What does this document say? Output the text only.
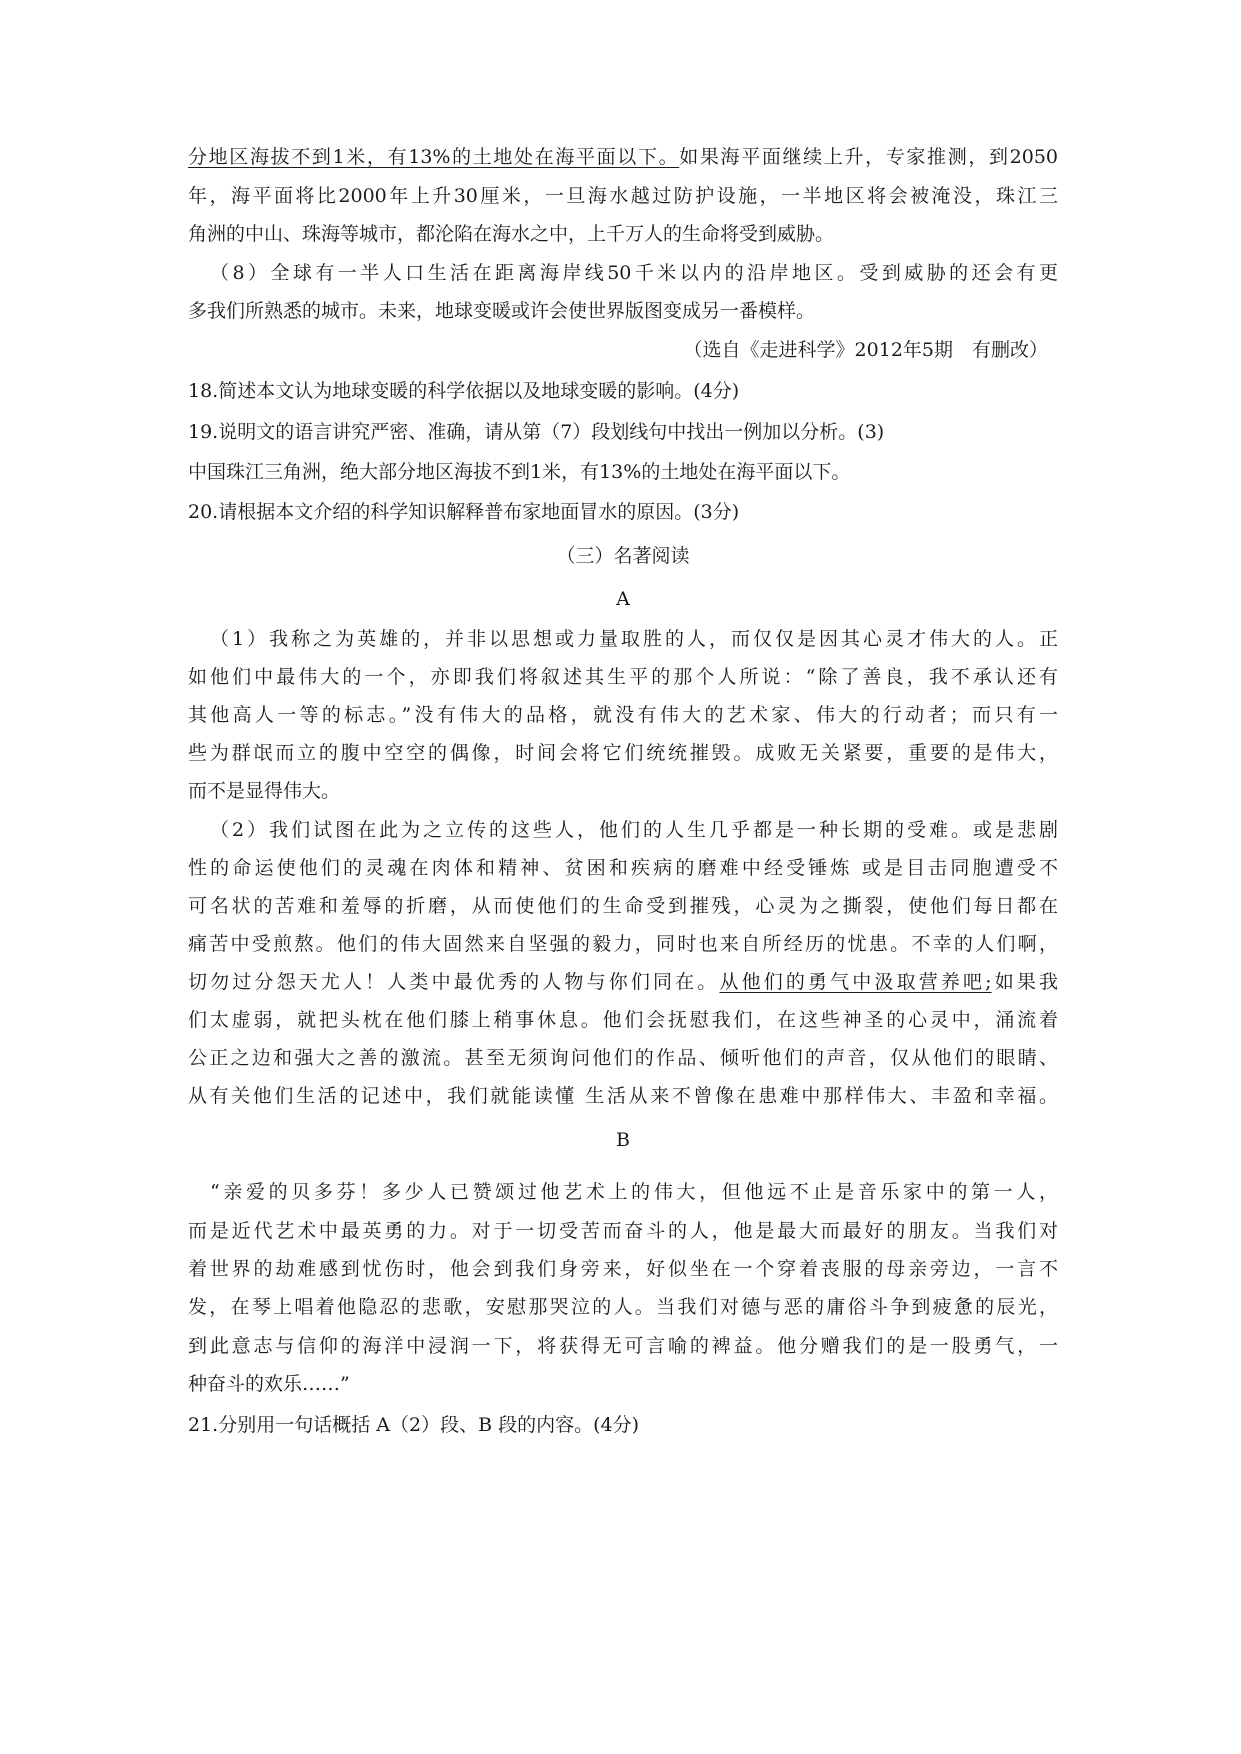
分地区海拔不到1米，有13%的土地处在海平面以下。如果海平面继续上升，专家推测，到2050
年，海平面将比2000年上升30厘米，一旦海水越过防护设施，一半地区将会被淹没，珠江三
角洲的中山、珠海等城市，都沦陷在海水之中，上千万人的生命将受到威胁。
（8）全球有一半人口生活在距离海岸线50千米以内的沿岸地区。受到威胁的还会有更
多我们所熟悉的城市。未来，地球变暖或许会使世界版图变成另一番模样。
（选自《走进科学》2012年5期　有删改）
18.简述本文认为地球变暖的科学依据以及地球变暖的影响。(4分)
19.说明文的语言讲究严密、准确，请从第（7）段划线句中找出一例加以分析。(3)
中国珠江三角洲，绝大部分地区海拔不到1米，有13%的土地处在海平面以下。
20.请根据本文介绍的科学知识解释普布家地面冒水的原因。(3分)
（三）名著阅读
A
（1）我称之为英雄的，并非以思想或力量取胜的人，而仅仅是因其心灵才伟大的人。正
如他们中最伟大的一个，亦即我们将叙述其生平的那个人所说：“除了善良，我不承认还有
其他高人一等的标志。”没有伟大的品格，就没有伟大的艺术家、伟大的行动者；而只有一
些为群氓而立的腹中空空的偶像，时间会将它们统统摧毁。成败无关紧要，重要的是伟大，
而不是显得伟大。
（2）我们试图在此为之立传的这些人，他们的人生几乎都是一种长期的受难。或是悲剧
性的命运使他们的灵魂在肉体和精神、贫困和疾病的磨难中经受锤炼 或是目击同胞遭受不
可名状的苦难和羞辱的折磨，从而使他们的生命受到摧残，心灵为之撕裂，使他们每日都在
痛苦中受煎熬。他们的伟大固然来自坚强的毅力，同时也来自所经历的忧患。不幸的人们啊，
切勿过分怨天尤人！人类中最优秀的人物与你们同在。从他们的勇气中汲取营养吧;如果我
们太虚弱，就把头枕在他们膝上稍事休息。他们会抚慰我们，在这些神圣的心灵中，涌流着
公正之边和强大之善的激流。甚至无须询问他们的作品、倾听他们的声音，仅从他们的眼睛、
从有关他们生活的记述中，我们就能读懂 生活从来不曾像在患难中那样伟大、丰盈和幸福。
B
“亲爱的贝多芬！多少人已赞颂过他艺术上的伟大，但他远不止是音乐家中的第一人，
而是近代艺术中最英勇的力。对于一切受苦而奋斗的人，他是最大而最好的朋友。当我们对
着世界的劫难感到忧伤时，他会到我们身旁来，好似坐在一个穿着丧服的母亲旁边，一言不
发，在琴上唱着他隐忍的悲歌，安慰那哭泣的人。当我们对德与恶的庸俗斗争到疲惫的辰光，
到此意志与信仰的海洋中浸润一下，将获得无可言喻的裨益。他分赠我们的是一股勇气，一
种奋斗的欢乐……”
21.分别用一句话概括 A（2）段、B 段的内容。(4分)
